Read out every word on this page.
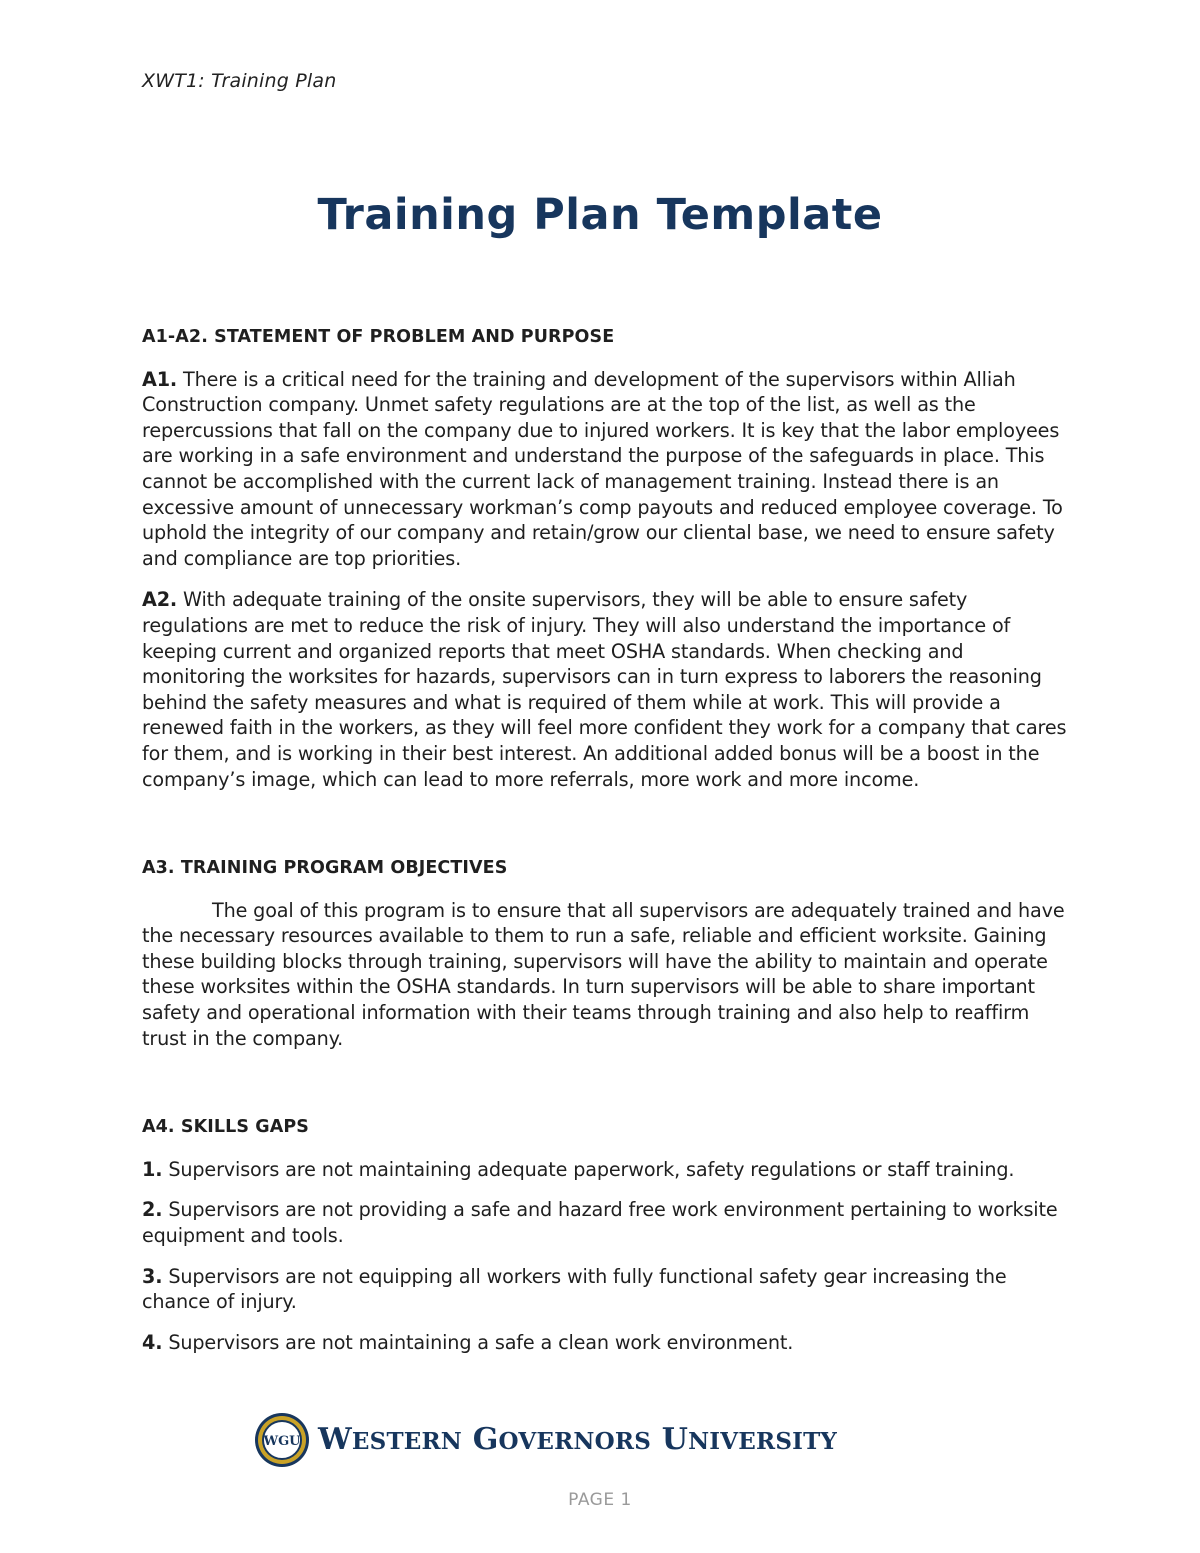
XWT1: Training Plan
Training Plan Template
A1-A2. STATEMENT OF PROBLEM AND PURPOSE

A1. There is a critical need for the training and development of the supervisors within Alliah Construction company. Unmet safety regulations are at the top of the list, as well as the repercussions that fall on the company due to injured workers. It is key that the labor employees are working in a safe environment and understand the purpose of the safeguards in place. This cannot be accomplished with the current lack of management training. Instead there is an excessive amount of unnecessary workman’s comp payouts and reduced employee coverage. To uphold the integrity of our company and retain/grow our cliental base, we need to ensure safety and compliance are top priorities.

A2. With adequate training of the onsite supervisors, they will be able to ensure safety regulations are met to reduce the risk of injury. They will also understand the importance of keeping current and organized reports that meet OSHA standards. When checking and monitoring the worksites for hazards, supervisors can in turn express to laborers the reasoning behind the safety measures and what is required of them while at work. This will provide a renewed faith in the workers, as they will feel more confident they work for a company that cares for them, and is working in their best interest. An additional added bonus will be a boost in the company’s image, which can lead to more referrals, more work and more income.

A3. TRAINING PROGRAM OBJECTIVES

The goal of this program is to ensure that all supervisors are adequately trained and have the necessary resources available to them to run a safe, reliable and efficient worksite. Gaining these building blocks through training, supervisors will have the ability to maintain and operate these worksites within the OSHA standards. In turn supervisors will be able to share important safety and operational information with their teams through training and also help to reaffirm trust in the company.

A4. SKILLS GAPS

1. Supervisors are not maintaining adequate paperwork, safety regulations or staff training.

2. Supervisors are not providing a safe and hazard free work environment pertaining to worksite equipment and tools.

3. Supervisors are not equipping all workers with fully functional safety gear increasing the chance of injury.

4. Supervisors are not maintaining a safe a clean work environment.

WGU WESTERN GOVERNORS UNIVERSITY
PAGE 1
